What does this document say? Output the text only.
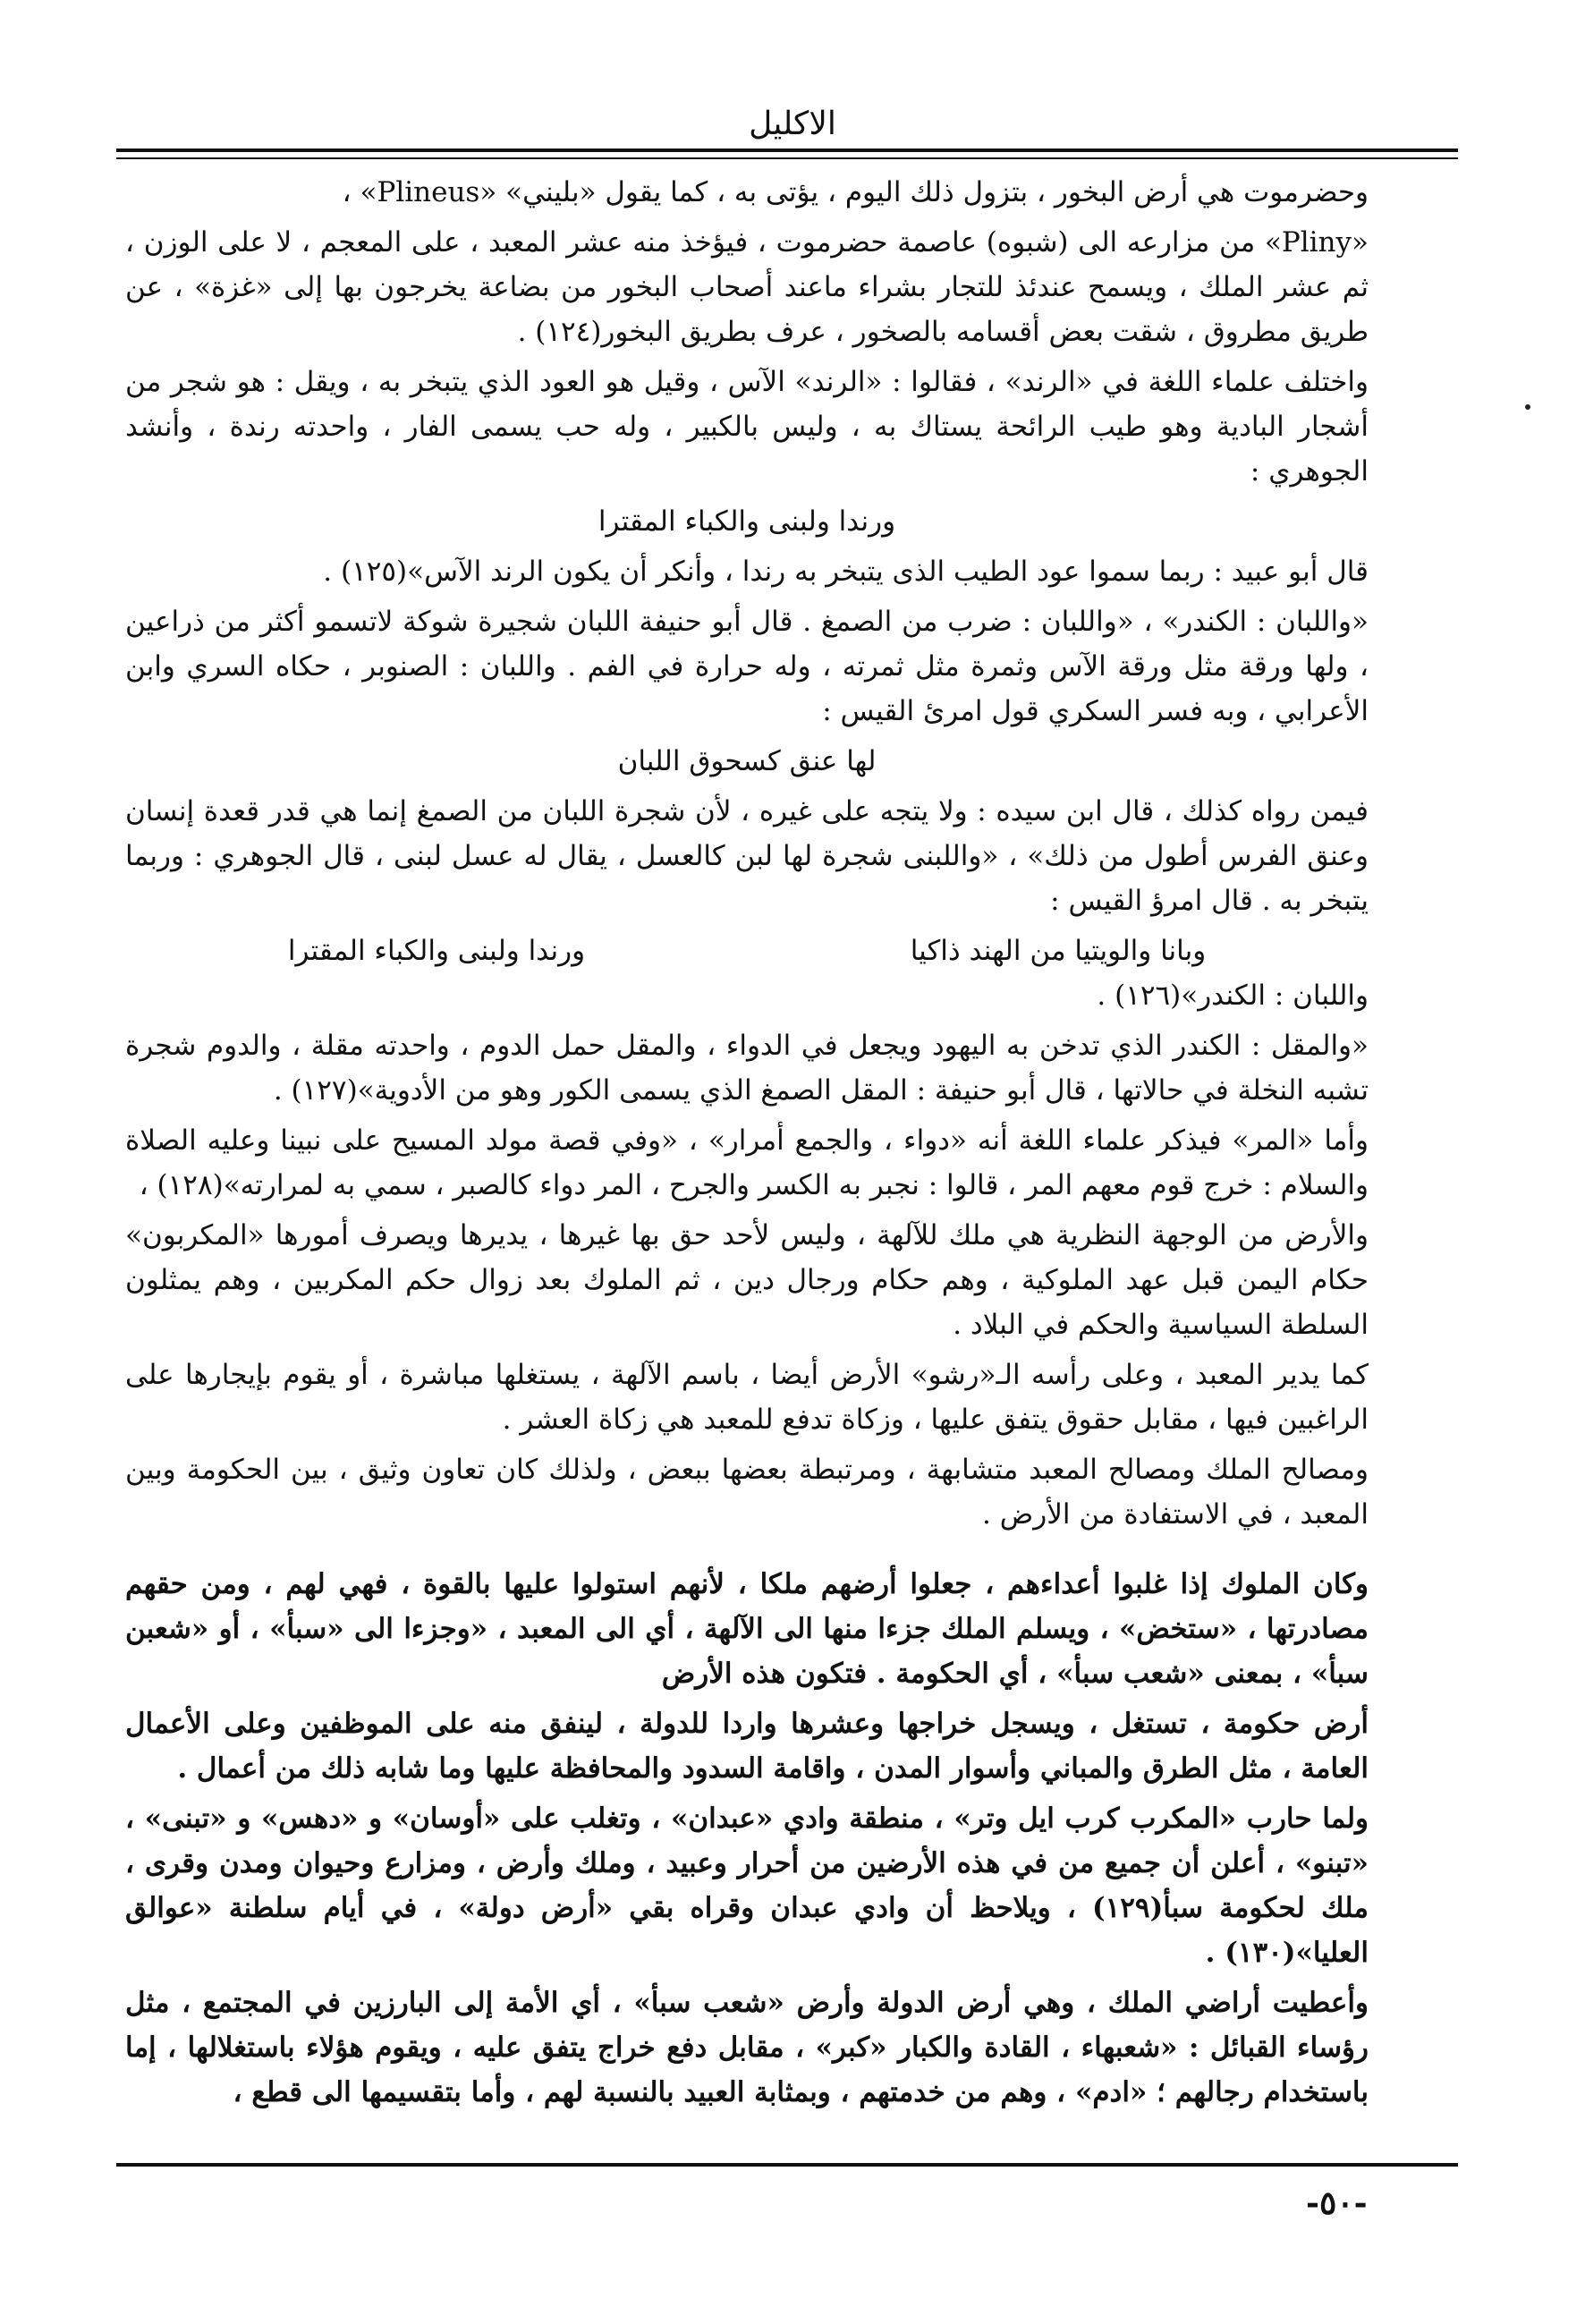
الاكليل

وحضرموت هي أرض البخور ، بتزول ذلك اليوم ، يؤتى به ، كما يقول «بليني» «Plineus» ،

«Pliny» من مزارعه الى (شبوه) عاصمة حضرموت ، فيؤخذ منه عشر المعبد ، على المعجم ، لا على الوزن ، ثم عشر الملك ، ويسمح عندئذ للتجار بشراء ماعند أصحاب البخور من بضاعة يخرجون بها إلى «غزة» ، عن طريق مطروق ، شقت بعض أقسامه بالصخور ، عرف بطريق البخور(١٢٤) .

واختلف علماء اللغة في «الرند» ، فقالوا : «الرند» الآس ، وقيل هو العود الذي يتبخر به ، ويقل : هو شجر من أشجار البادية وهو طيب الرائحة يستاك به ، وليس بالكبير ، وله حب يسمى الفار ، واحدته رندة ، وأنشد الجوهري :

ورندا ولبنى والكباء المقترا

قال أبو عبيد : ربما سموا عود الطيب الذى يتبخر به رندا ، وأنكر أن يكون الرند الآس»(١٢٥) .

«واللبان : الكندر» ، «واللبان : ضرب من الصمغ . قال أبو حنيفة اللبان شجيرة شوكة لاتسمو أكثر من ذراعين ، ولها ورقة مثل ورقة الآس وثمرة مثل ثمرته ، وله حرارة في الفم . واللبان : الصنوبر ، حكاه السري وابن الأعرابي ، وبه فسر السكري قول امرئ القيس :

لها عنق كسحوق اللبان

فيمن رواه كذلك ، قال ابن سيده : ولا يتجه على غيره ، لأن شجرة اللبان من الصمغ إنما هي قدر قعدة إنسان وعنق الفرس أطول من ذلك» ، «واللبنى شجرة لها لبن كالعسل ، يقال له عسل لبنى ، قال الجوهري : وربما يتبخر به . قال امرؤ القيس :

وبانا والويتيا من الهند ذاكيا
ورندا ولبنى والكباء المقترا

واللبان : الكندر»(١٢٦) .

«والمقل : الكندر الذي تدخن به اليهود ويجعل في الدواء ، والمقل حمل الدوم ، واحدته مقلة ، والدوم شجرة تشبه النخلة في حالاتها ، قال أبو حنيفة : المقل الصمغ الذي يسمى الكور وهو من الأدوية»(١٢٧) .

وأما «المر» فيذكر علماء اللغة أنه «دواء ، والجمع أمرار» ، «وفي قصة مولد المسيح على نبينا وعليه الصلاة والسلام : خرج قوم معهم المر ، قالوا : نجبر به الكسر والجرح ، المر دواء كالصبر ، سمي به لمرارته»(١٢٨) ،

والأرض من الوجهة النظرية هي ملك للآلهة ، وليس لأحد حق بها غيرها ، يديرها ويصرف أمورها «المكربون» حكام اليمن قبل عهد الملوكية ، وهم حكام ورجال دين ، ثم الملوك بعد زوال حكم المكربين ، وهم يمثلون السلطة السياسية والحكم في البلاد .

كما يدير المعبد ، وعلى رأسه الـ«رشو» الأرض أيضا ، باسم الآلهة ، يستغلها مباشرة ، أو يقوم بإيجارها على الراغبين فيها ، مقابل حقوق يتفق عليها ، وزكاة تدفع للمعبد هي زكاة العشر .

ومصالح الملك ومصالح المعبد متشابهة ، ومرتبطة بعضها ببعض ، ولذلك كان تعاون وثيق ، بين الحكومة وبين المعبد ، في الاستفادة من الأرض .

وكان الملوك إذا غلبوا أعداءهم ، جعلوا أرضهم ملكا ، لأنهم استولوا عليها بالقوة ، فهي لهم ، ومن حقهم مصادرتها ، «ستخض» ، ويسلم الملك جزءا منها الى الآلهة ، أي الى المعبد ، «وجزءا الى «سبأ» ، أو «شعبن سبأ» ، بمعنى «شعب سبأ» ، أي الحكومة . فتكون هذه الأرض

أرض حكومة ، تستغل ، ويسجل خراجها وعشرها واردا للدولة ، لينفق منه على الموظفين وعلى الأعمال العامة ، مثل الطرق والمباني وأسوار المدن ، واقامة السدود والمحافظة عليها وما شابه ذلك من أعمال .

ولما حارب «المكرب كرب ايل وتر» ، منطقة وادي «عبدان» ، وتغلب على «أوسان» و «دهس» و «تبنى» ، «تبنو» ، أعلن أن جميع من في هذه الأرضين من أحرار وعبيد ، وملك وأرض ، ومزارع وحيوان ومدن وقرى ، ملك لحكومة سبأ(١٢٩) ، ويلاحظ أن وادي عبدان وقراه بقي «أرض دولة» ، في أيام سلطنة «عوالق العليا»(١٣٠) .

وأعطيت أراضي الملك ، وهي أرض الدولة وأرض «شعب سبأ» ، أي الأمة إلى البارزين في المجتمع ، مثل رؤساء القبائل : «شعبهاء ، القادة والكبار «كبر» ، مقابل دفع خراج يتفق عليه ، ويقوم هؤلاء باستغلالها ، إما باستخدام رجالهم ؛ «ادم» ، وهم من خدمتهم ، وبمثابة العبيد بالنسبة لهم ، وأما بتقسيمها الى قطع ،

-٥٠-
